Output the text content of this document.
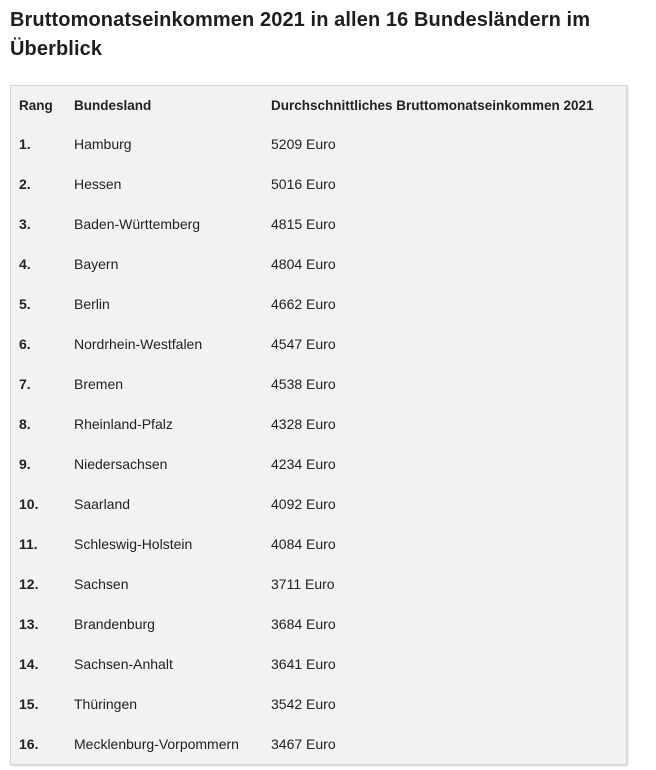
Bruttomonatseinkommen 2021 in allen 16 Bundesländern im Überblick
Rang	Bundesland	Durchschnittliches Bruttomonatseinkommen 2021
1.	Hamburg	5209 Euro
2.	Hessen	5016 Euro
3.	Baden-Württemberg	4815 Euro
4.	Bayern	4804 Euro
5.	Berlin	4662 Euro
6.	Nordrhein-Westfalen	4547 Euro
7.	Bremen	4538 Euro
8.	Rheinland-Pfalz	4328 Euro
9.	Niedersachsen	4234 Euro
10.	Saarland	4092 Euro
11.	Schleswig-Holstein	4084 Euro
12.	Sachsen	3711 Euro
13.	Brandenburg	3684 Euro
14.	Sachsen-Anhalt	3641 Euro
15.	Thüringen	3542 Euro
16.	Mecklenburg-Vorpommern	3467 Euro
